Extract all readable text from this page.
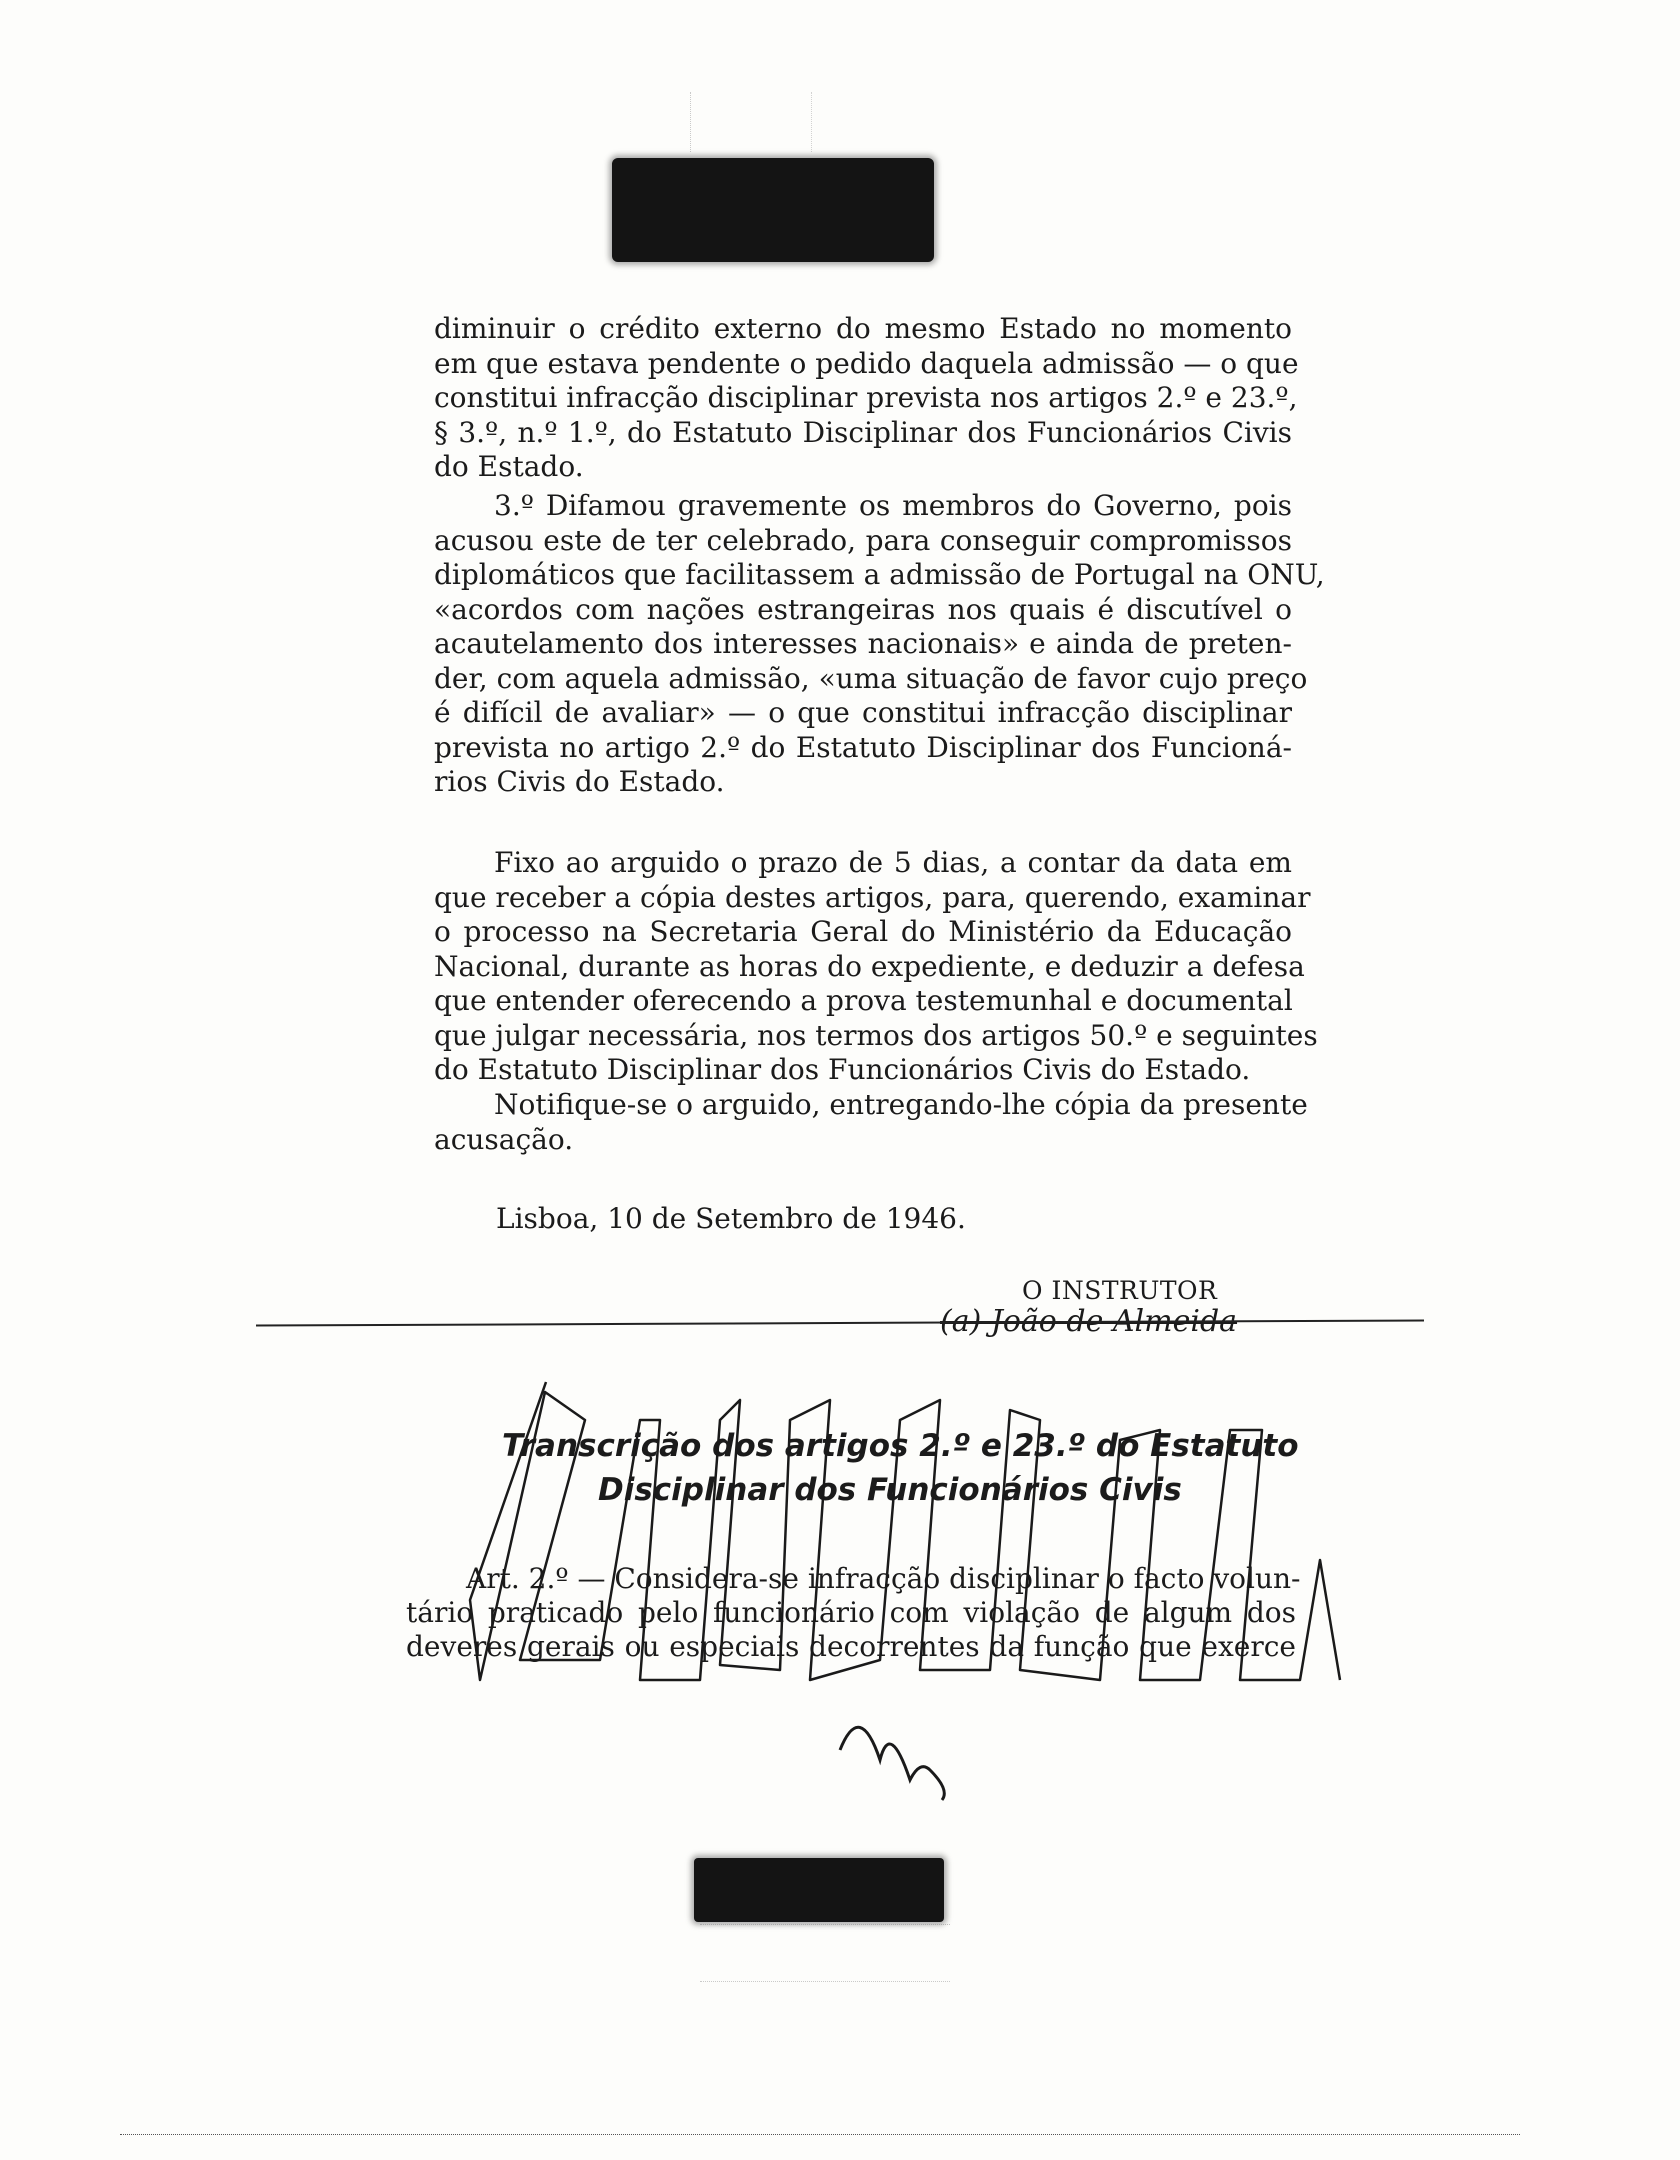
diminuir o crédito externo do mesmo Estado no momento
em que estava pendente o pedido daquela admissão — o que
constitui infracção disciplinar prevista nos artigos 2.º e 23.º,
§ 3.º, n.º 1.º, do Estatuto Disciplinar dos Funcionários Civis
do Estado.
3.º Difamou gravemente os membros do Governo, pois
acusou este de ter celebrado, para conseguir compromissos
diplomáticos que facilitassem a admissão de Portugal na ONU,
«acordos com nações estrangeiras nos quais é discutível o
acautelamento dos interesses nacionais» e ainda de preten-
der, com aquela admissão, «uma situação de favor cujo preço
é difícil de avaliar» — o que constitui infracção disciplinar
prevista no artigo 2.º do Estatuto Disciplinar dos Funcioná-
rios Civis do Estado.
Fixo ao arguido o prazo de 5 dias, a contar da data em
que receber a cópia destes artigos, para, querendo, examinar
o processo na Secretaria Geral do Ministério da Educação
Nacional, durante as horas do expediente, e deduzir a defesa
que entender oferecendo a prova testemunhal e documental
que julgar necessária, nos termos dos artigos 50.º e seguintes
do Estatuto Disciplinar dos Funcionários Civis do Estado.
Notifique-se o arguido, entregando-lhe cópia da presente
acusação.
Lisboa, 10 de Setembro de 1946.
O INSTRUTOR
(a) João de Almeida
Transcrição dos artigos 2.º e 23.º do Estatuto
Disciplinar dos Funcionários Civis
Art. 2.º — Considera-se infracção disciplinar o facto volun-
tário praticado pelo funcionário com violação de algum dos
deveres gerais ou especiais decorrentes da função que exerce
